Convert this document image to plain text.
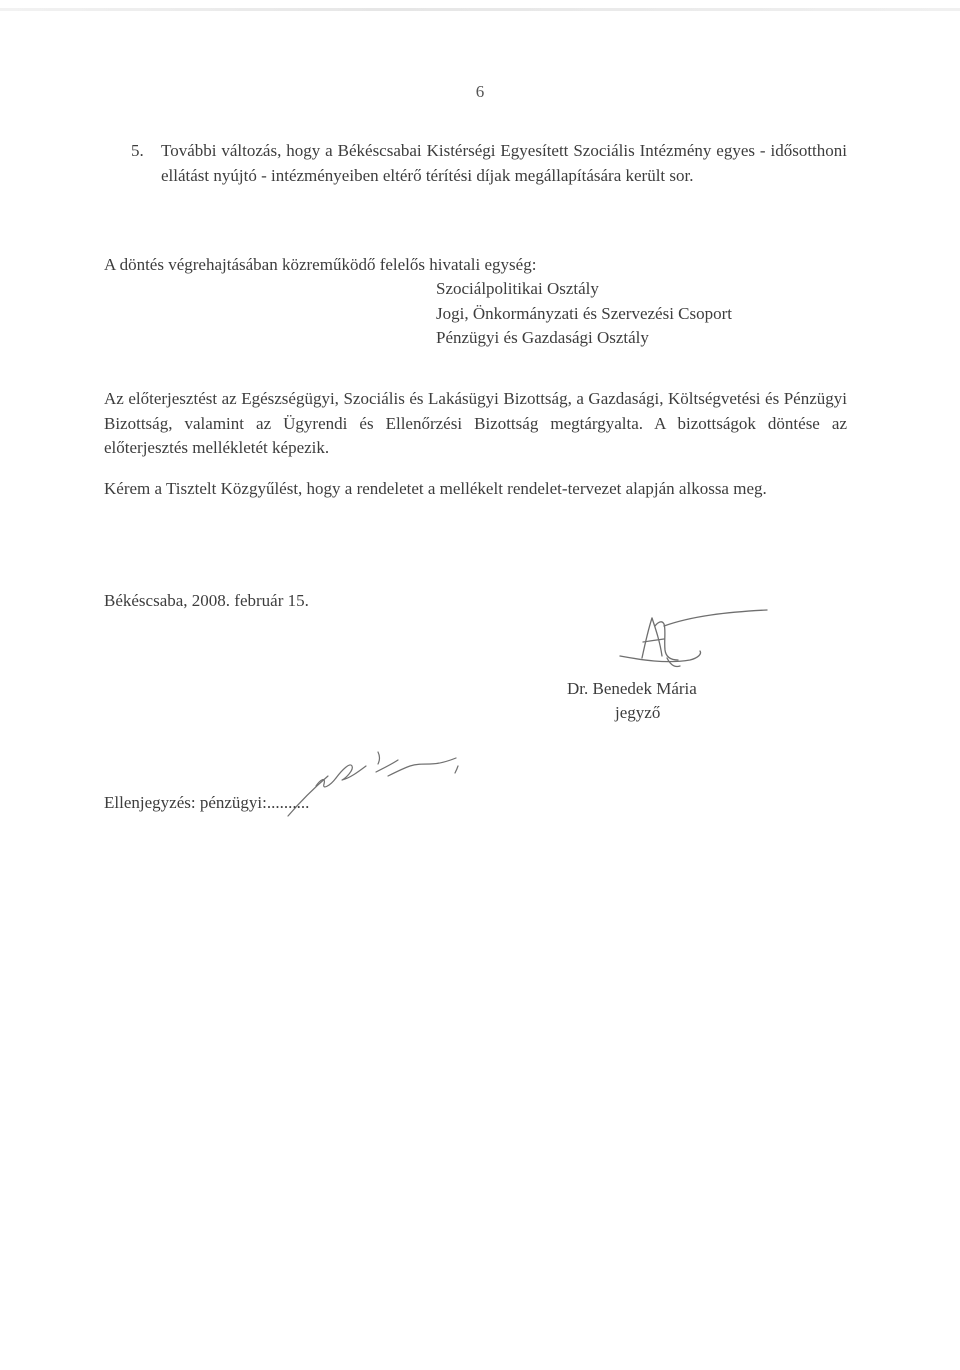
6
5.	További változás, hogy a Békéscsabai Kistérségi Egyesített Szociális Intézmény egyes - idősotthoni ellátást nyújtó - intézményeiben eltérő térítési díjak megállapítására került sor.
A döntés végrehajtásában közreműködő felelős hivatali egység:
Szociálpolitikai Osztály
Jogi, Önkormányzati és Szervezési Csoport
Pénzügyi és Gazdasági Osztály
Az előterjesztést az Egészségügyi, Szociális és Lakásügyi Bizottság, a Gazdasági, Költségvetési és Pénzügyi Bizottság, valamint az Ügyrendi és Ellenőrzési Bizottság megtárgyalta. A bizottságok döntése az előterjesztés mellékletét képezik.
Kérem a Tisztelt Közgyűlést, hogy a rendeletet a mellékelt rendelet-tervezet alapján alkossa meg.
Békéscsaba, 2008. február 15.
Dr. Benedek Mária
jegyző
Ellenjegyzés: pénzügyi:..........
